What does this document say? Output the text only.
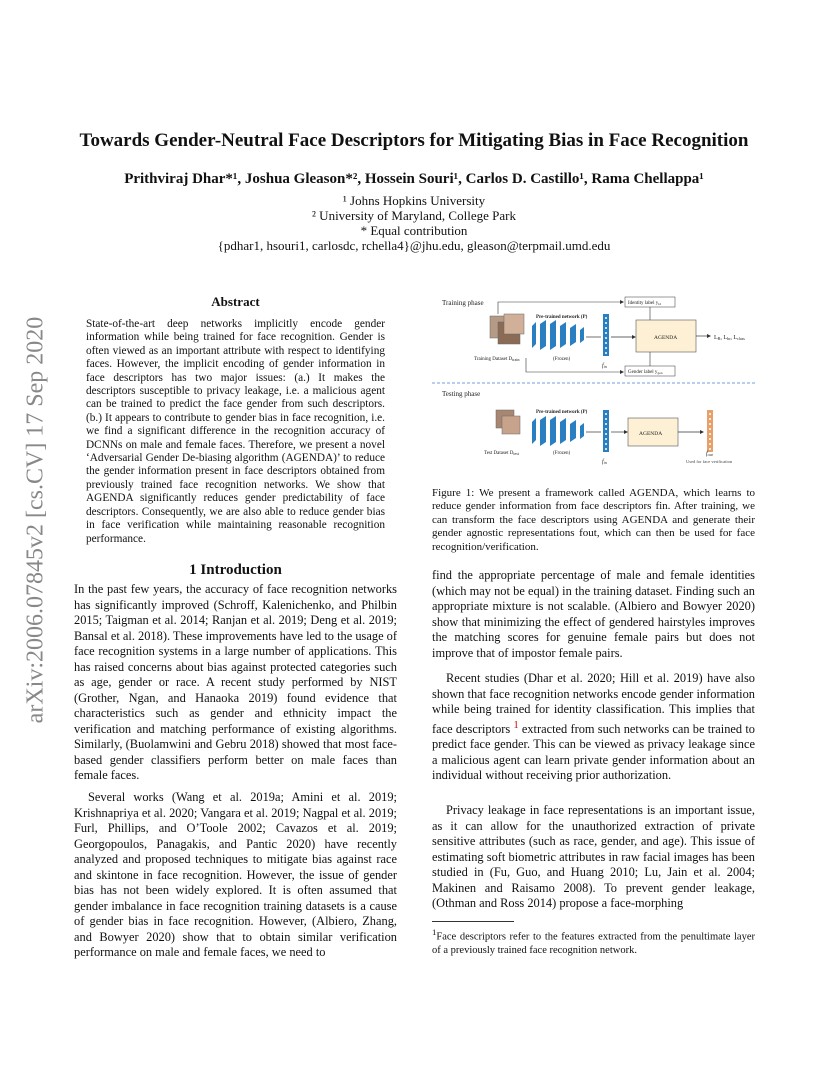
Towards Gender-Neutral Face Descriptors for Mitigating Bias in Face Recognition
Prithviraj Dhar*¹, Joshua Gleason*², Hossein Souri¹, Carlos D. Castillo¹, Rama Chellappa¹
¹ Johns Hopkins University
² University of Maryland, College Park
* Equal contribution
{pdhar1, hsouri1, carlosdc, rchella4}@jhu.edu, gleason@terpmail.umd.edu
arXiv:2006.07845v2 [cs.CV] 17 Sep 2020
Abstract

State-of-the-art deep networks implicitly encode gender information while being trained for face recognition. Gender is often viewed as an important attribute with respect to identifying faces. However, the implicit encoding of gender information in face descriptors has two major issues: (a.) It makes the descriptors susceptible to privacy leakage, i.e. a malicious agent can be trained to predict the face gender from such descriptors. (b.) It appears to contribute to gender bias in face recognition, i.e. we find a significant difference in the recognition accuracy of DCNNs on male and female faces. Therefore, we present a novel ‘Adversarial Gender De-biasing algorithm (AGENDA)’ to reduce the gender information present in face descriptors obtained from previously trained face recognition networks. We show that AGENDA significantly reduces gender predictability of face descriptors. Consequently, we are also able to reduce gender bias in face verification while maintaining reasonable recognition performance.

1 Introduction

In the past few years, the accuracy of face recognition networks has significantly improved (Schroff, Kalenichenko, and Philbin 2015; Taigman et al. 2014; Ranjan et al. 2019; Deng et al. 2019; Bansal et al. 2018). These improvements have led to the usage of face recognition systems in a large number of applications. This has raised concerns about bias against protected categories such as age, gender or race. A recent study performed by NIST (Grother, Ngan, and Hanaoka 2019) found evidence that characteristics such as gender and ethnicity impact the verification and matching performance of existing algorithms. Similarly, (Buolamwini and Gebru 2018) showed that most face-based gender classifiers perform better on male faces than female faces.

Several works (Wang et al. 2019a; Amini et al. 2019; Krishnapriya et al. 2020; Vangara et al. 2019; Nagpal et al. 2019; Furl, Phillips, and O’Toole 2002; Cavazos et al. 2019; Georgopoulos, Panagakis, and Pantic 2020) have recently analyzed and proposed techniques to mitigate bias against race and skintone in face recognition. However, the issue of gender bias has not been widely explored. It is often assumed that gender imbalance in face recognition training datasets is a cause of gender bias in face recognition. However, (Albiero, Zhang, and Bowyer 2020) show that to obtain similar verification performance on male and female faces, we need to

Training phase
Training Dataset $D_{train}$
Pre-trained network (P)
(Frozen)
fin
Identity label $y_{id}$
AGENDA	LB, Lbr, Lclass
Gender label $y_{gen}$
Testing phase
Test Dataset $D_{test}$
Pre-trained network (P)
(Frozen)
fin
AGENDA
fout
Used for face verification

Figure 1: We present a framework called AGENDA, which learns to reduce gender information from face descriptors fin. After training, we can transform the face descriptors using AGENDA and generate their gender agnostic representations fout, which can then be used for face recognition/verification.

find the appropriate percentage of male and female identities (which may not be equal) in the training dataset. Finding such an appropriate mixture is not scalable. (Albiero and Bowyer 2020) show that minimizing the effect of gendered hairstyles improves the matching scores for genuine female pairs but does not improve that of impostor female pairs.

Recent studies (Dhar et al. 2020; Hill et al. 2019) have also shown that face recognition networks encode gender information while being trained for identity classification. This implies that face descriptors $^1$ extracted from such networks can be trained to predict face gender. This can be viewed as privacy leakage since a malicious agent can learn private gender information about an individual without receiving prior authorization.

Privacy leakage in face representations is an important issue, as it can allow for the unauthorized extraction of private sensitive attributes (such as race, gender, and age). This issue of estimating soft biometric attributes in raw facial images has been studied in (Fu, Guo, and Huang 2010; Lu, Jain et al. 2004; Makinen and Raisamo 2008). To prevent gender leakage, (Othman and Ross 2014) propose a face-morphing

$^1$Face descriptors refer to the features extracted from the penultimate layer of a previously trained face recognition network.
